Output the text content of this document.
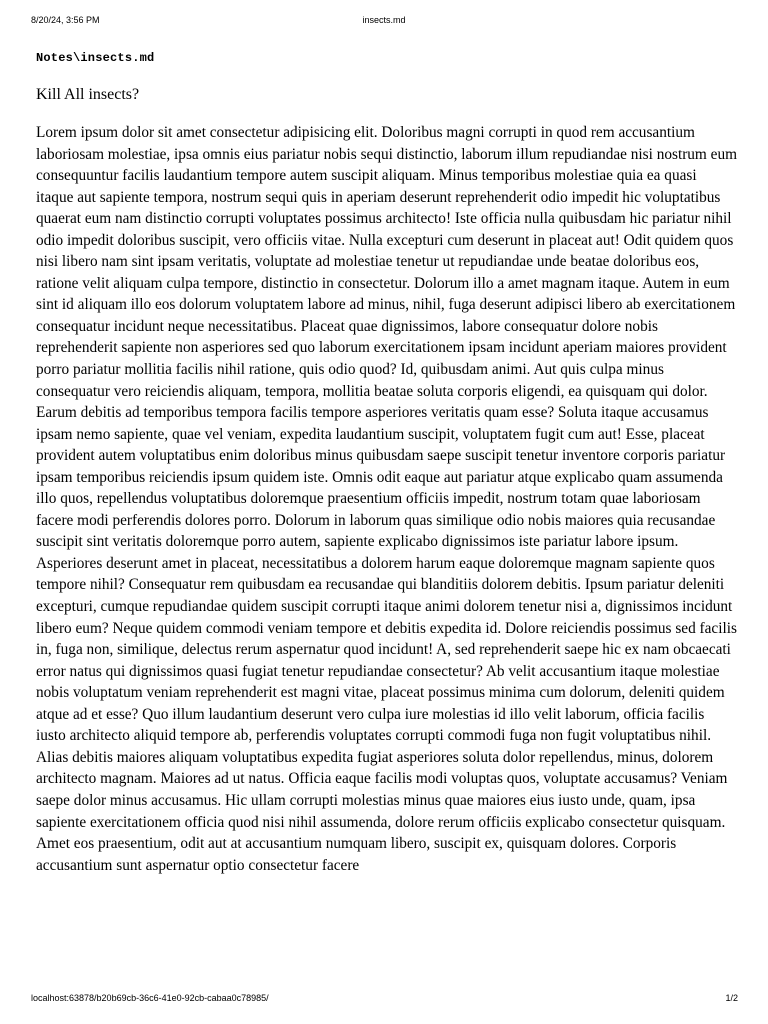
8/20/24, 3:56 PM	insects.md
Notes\insects.md
Kill All insects?

Lorem ipsum dolor sit amet consectetur adipisicing elit. Doloribus magni corrupti in quod rem accusantium laboriosam molestiae, ipsa omnis eius pariatur nobis sequi distinctio, laborum illum repudiandae nisi nostrum eum consequuntur facilis laudantium tempore autem suscipit aliquam. Minus temporibus molestiae quia ea quasi itaque aut sapiente tempora, nostrum sequi quis in aperiam deserunt reprehenderit odio impedit hic voluptatibus quaerat eum nam distinctio corrupti voluptates possimus architecto! Iste officia nulla quibusdam hic pariatur nihil odio impedit doloribus suscipit, vero officiis vitae. Nulla excepturi cum deserunt in placeat aut! Odit quidem quos nisi libero nam sint ipsam veritatis, voluptate ad molestiae tenetur ut repudiandae unde beatae doloribus eos, ratione velit aliquam culpa tempore, distinctio in consectetur. Dolorum illo a amet magnam itaque. Autem in eum sint id aliquam illo eos dolorum voluptatem labore ad minus, nihil, fuga deserunt adipisci libero ab exercitationem consequatur incidunt neque necessitatibus. Placeat quae dignissimos, labore consequatur dolore nobis reprehenderit sapiente non asperiores sed quo laborum exercitationem ipsam incidunt aperiam maiores provident porro pariatur mollitia facilis nihil ratione, quis odio quod? Id, quibusdam animi. Aut quis culpa minus consequatur vero reiciendis aliquam, tempora, mollitia beatae soluta corporis eligendi, ea quisquam qui dolor. Earum debitis ad temporibus tempora facilis tempore asperiores veritatis quam esse? Soluta itaque accusamus ipsam nemo sapiente, quae vel veniam, expedita laudantium suscipit, voluptatem fugit cum aut! Esse, placeat provident autem voluptatibus enim doloribus minus quibusdam saepe suscipit tenetur inventore corporis pariatur ipsam temporibus reiciendis ipsum quidem iste. Omnis odit eaque aut pariatur atque explicabo quam assumenda illo quos, repellendus voluptatibus doloremque praesentium officiis impedit, nostrum totam quae laboriosam facere modi perferendis dolores porro. Dolorum in laborum quas similique odio nobis maiores quia recusandae suscipit sint veritatis doloremque porro autem, sapiente explicabo dignissimos iste pariatur labore ipsum. Asperiores deserunt amet in placeat, necessitatibus a dolorem harum eaque doloremque magnam sapiente quos tempore nihil? Consequatur rem quibusdam ea recusandae qui blanditiis dolorem debitis. Ipsum pariatur deleniti excepturi, cumque repudiandae quidem suscipit corrupti itaque animi dolorem tenetur nisi a, dignissimos incidunt libero eum? Neque quidem commodi veniam tempore et debitis expedita id. Dolore reiciendis possimus sed facilis in, fuga non, similique, delectus rerum aspernatur quod incidunt! A, sed reprehenderit saepe hic ex nam obcaecati error natus qui dignissimos quasi fugiat tenetur repudiandae consectetur? Ab velit accusantium itaque molestiae nobis voluptatum veniam reprehenderit est magni vitae, placeat possimus minima cum dolorum, deleniti quidem atque ad et esse? Quo illum laudantium deserunt vero culpa iure molestias id illo velit laborum, officia facilis iusto architecto aliquid tempore ab, perferendis voluptates corrupti commodi fuga non fugit voluptatibus nihil. Alias debitis maiores aliquam voluptatibus expedita fugiat asperiores soluta dolor repellendus, minus, dolorem architecto magnam. Maiores ad ut natus. Officia eaque facilis modi voluptas quos, voluptate accusamus? Veniam saepe dolor minus accusamus. Hic ullam corrupti molestias minus quae maiores eius iusto unde, quam, ipsa sapiente exercitationem officia quod nisi nihil assumenda, dolore rerum officiis explicabo consectetur quisquam. Amet eos praesentium, odit aut at accusantium numquam libero, suscipit ex, quisquam dolores. Corporis accusantium sunt aspernatur optio consectetur facere

localhost:63878/b20b69cb-36c6-41e0-92cb-cabaa0c78985/	1/2
